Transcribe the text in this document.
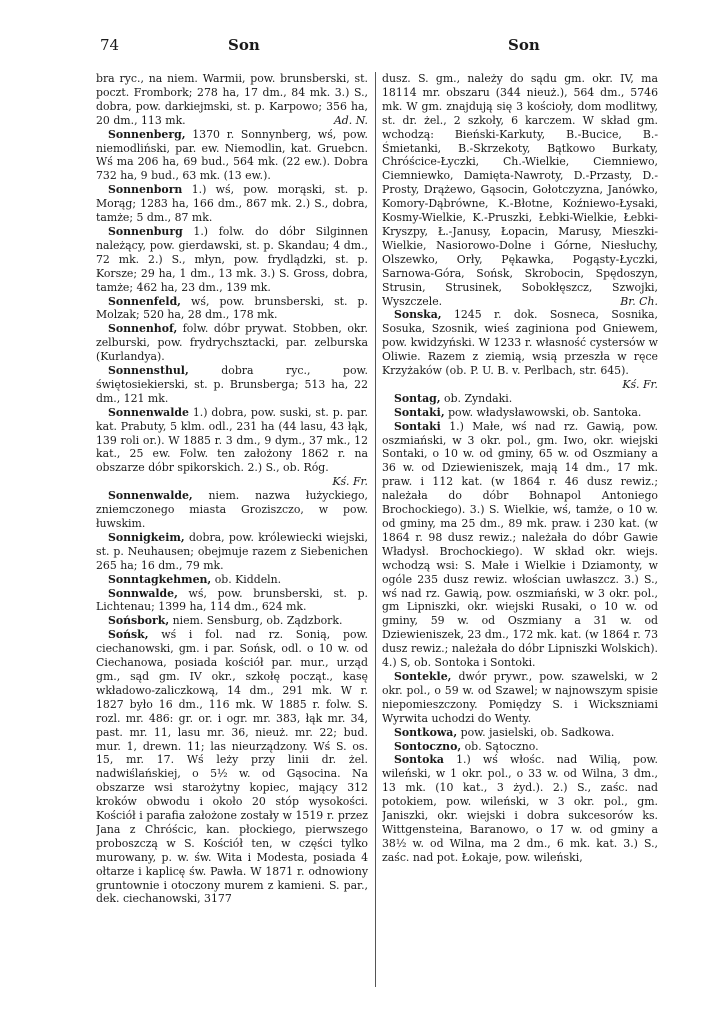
74	Son	Son

bra ryc., na niem. Warmii, pow. brunsberski, st. poczt. Frombork; 278 ha, 17 dm., 84 mk. 3.) S., dobra, pow. darkiejmski, st. p. Karpowo; 356 ha, 20 dm., 113 mk.	Ad. N.

Sonnenberg, 1370 r. Sonnynberg, wś, pow. niemodliński, par. ew. Niemodlin, kat. Gruebcn. Wś ma 206 ha, 69 bud., 564 mk. (22 ew.). Dobra 732 ha, 9 bud., 63 mk. (13 ew.).

Sonnenborn 1.) wś, pow. morąski, st. p. Morąg; 1283 ha, 166 dm., 867 mk. 2.) S., dobra, tamże; 5 dm., 87 mk.

Sonnenburg 1.) folw. do dóbr Silginnen należący, pow. gierdawski, st. p. Skandau; 4 dm., 72 mk. 2.) S., młyn, pow. frydlądzki, st. p. Korsze; 29 ha, 1 dm., 13 mk. 3.) S. Gross, dobra, tamże; 462 ha, 23 dm., 139 mk.

Sonnenfeld, wś, pow. brunsberski, st. p. Molzak; 520 ha, 28 dm., 178 mk.

Sonnenhof, folw. dóbr prywat. Stobben, okr. zelburski, pow. frydrychsztacki, par. zelburska (Kurlandya).

Sonnensthul,	dobra ryc., pow. świętosiekierski, st. p. Brunsberga; 513 ha, 22 dm., 121 mk.

Sonnenwalde 1.) dobra, pow. suski, st. p. par. kat. Prabuty, 5 klm. odl., 231 ha (44 lasu, 43 łąk, 139 roli or.). W 1885 r. 3 dm., 9 dym., 37 mk., 12 kat., 25 ew. Folw. ten założony 1862 r. na obszarze dóbr spikorskich. 2.) S., ob. Róg.
Kś. Fr.

Sonnenwalde, niem. nazwa łużyckiego, zniemczonego miasta Groziszczo, w pow. łuwskim.

Sonnigkeim, dobra, pow. królewiecki wiejski, st. p. Neuhausen; obejmuje razem z Siebenichen 265 ha; 16 dm., 79 mk.

Sonntagkehmen, ob. Kiddeln.

Sonnwalde, wś, pow. brunsberski, st. p. Lichtenau; 1399 ha, 114 dm., 624 mk.

Sońsbork, niem. Sensburg, ob. Ządzbork.

Sońsk, wś i fol. nad rz. Sonią, pow. ciechanowski, gm. i par. Sońsk, odl. o 10 w. od Ciechanowa, posiada kościół par. mur., urząd gm., sąd gm. IV okr., szkołę począt., kasę wkładowo-zaliczkową, 14 dm., 291 mk. W r. 1827 było 16 dm., 116 mk. W 1885 r. folw. S. rozl. mr. 486: gr. or. i ogr. mr. 383, łąk mr. 34, past. mr. 11, lasu mr. 36, nieuż. mr. 22; bud. mur. 1, drewn. 11; las nieurządzony. Wś S. os. 15, mr. 17. Wś leży przy linii dr. żel. nadwiślańskiej, o 5½ w. od Gąsocina. Na obszarze wsi starożytny kopiec, mający 312 kroków obwodu i około 20 stóp wysokości. Kościół i parafia założone zostały w 1519 r. przez Jana z Chróścic, kan. płockiego, pierwszego proboszczą w S. Kościół ten, w części tylko murowany, p. w. św. Wita i Modesta, posiada 4 ołtarze i kaplicę św. Pawła. W 1871 r. odnowiony gruntownie i otoczony murem z kamieni. S. par., dek. ciechanowski, 3177

dusz. S. gm., należy do sądu gm. okr. IV, ma 18114 mr. obszaru (344 nieuż.), 564 dm., 5746 mk. W gm. znajdują się 3 kościoły, dom modlitwy, st. dr. żel., 2 szkoły, 6 karczem. W skład gm. wchodzą: Bieński-Karkuty, B.-Bucice, B.-Śmietanki, B.-Skrzekoty, Bątkowo Burkaty, Chróścice-Łyczki, Ch.-Wielkie, Ciemniewo, Ciemniewko, Damięta-Nawroty, D.-Przasty, D.-Prosty, Drążewo, Gąsocin, Gołotczyzna, Janówko, Komory-Dąbrówne, K.-Błotne, Koźniewo-Łysaki, Kosmy-Wielkie, K.-Pruszki, Łebki-Wielkie, Łebki-Kryszpy, Ł.-Janusy, Łopacin, Marusy, Mieszki-Wielkie, Nasiorowo-Dolne i Górne, Niesłuchy, Olszewko, Orły, Pękawka, Pogąsty-Łyczki, Sarnowa-Góra, Sońsk, Skrobocin, Spędoszyn, Strusin, Strusinek, Sobokłęszcz, Szwojki, Wyszczele.	Br. Ch.

Sonska, 1245 r. dok. Sosneca, Sosnika, Sosuka, Szosnik, wieś zaginiona pod Gniewem, pow. kwidzyński. W 1233 r. własność cystersów w Oliwie. Razem z ziemią, wsią przeszła w ręce Krzyżaków (ob. P. U. B. v. Perlbach, str. 645).
Kś. Fr.

Sontag, ob. Zyndaki.

Sontaki, pow. władysławowski, ob. Santoka.

Sontaki 1.) Małe, wś nad rz. Gawią, pow. oszmiański, w 3 okr. pol., gm. Iwo, okr. wiejski Sontaki, o 10 w. od gminy, 65 w. od Oszmiany a 36 w. od Dziewieniszek, mają 14 dm., 17 mk. praw. i 112 kat. (w 1864 r. 46 dusz rewiz.; należała do dóbr Bohnapol Antoniego Brochockiego). 3.) S. Wielkie, wś, tamże, o 10 w. od gminy, ma 25 dm., 89 mk. praw. i 230 kat. (w 1864 r. 98 dusz rewiz.; należała do dóbr Gawie Władysł. Brochockiego). W skład okr. wiejs. wchodzą wsi: S. Małe i Wielkie i Dziamonty, w ogóle 235 dusz rewiz. włościan uwłaszcz. 3.) S., wś nad rz. Gawią, pow. oszmiański, w 3 okr. pol., gm Lipniszki, okr. wiejski Rusaki, o 10 w. od gminy, 59 w. od Oszmiany a 31 w. od Dziewieniszek, 23 dm., 172 mk. kat. (w 1864 r. 73 dusz rewiz.; należała do dóbr Lipniszki Wolskich). 4.) S, ob. Sontoka i Sontoki.

Sontekle, dwór prywr., pow. szawelski, w 2 okr. pol., o 59 w. od Szawel; w najnowszym spisie niepomieszczony. Pomiędzy S. i Wickszniami Wyrwita uchodzi do Wenty.

Sontkowa, pow. jasielski, ob. Sadkowa.

Sontoczno, ob. Sątoczno.

Sontoka 1.) wś włośc. nad Wilią, pow. wileński, w 1 okr. pol., o 33 w. od Wilna, 3 dm., 13 mk. (10 kat., 3 żyd.). 2.) S., zaśc. nad potokiem, pow. wileński, w 3 okr. pol., gm. Janiszki, okr. wiejski i dobra sukcesorów ks. Wittgensteina, Baranowo, o 17 w. od gminy a 38½ w. od Wilna, ma 2 dm., 6 mk. kat. 3.) S., zaśc. nad pot. Łokaje, pow. wileński,
